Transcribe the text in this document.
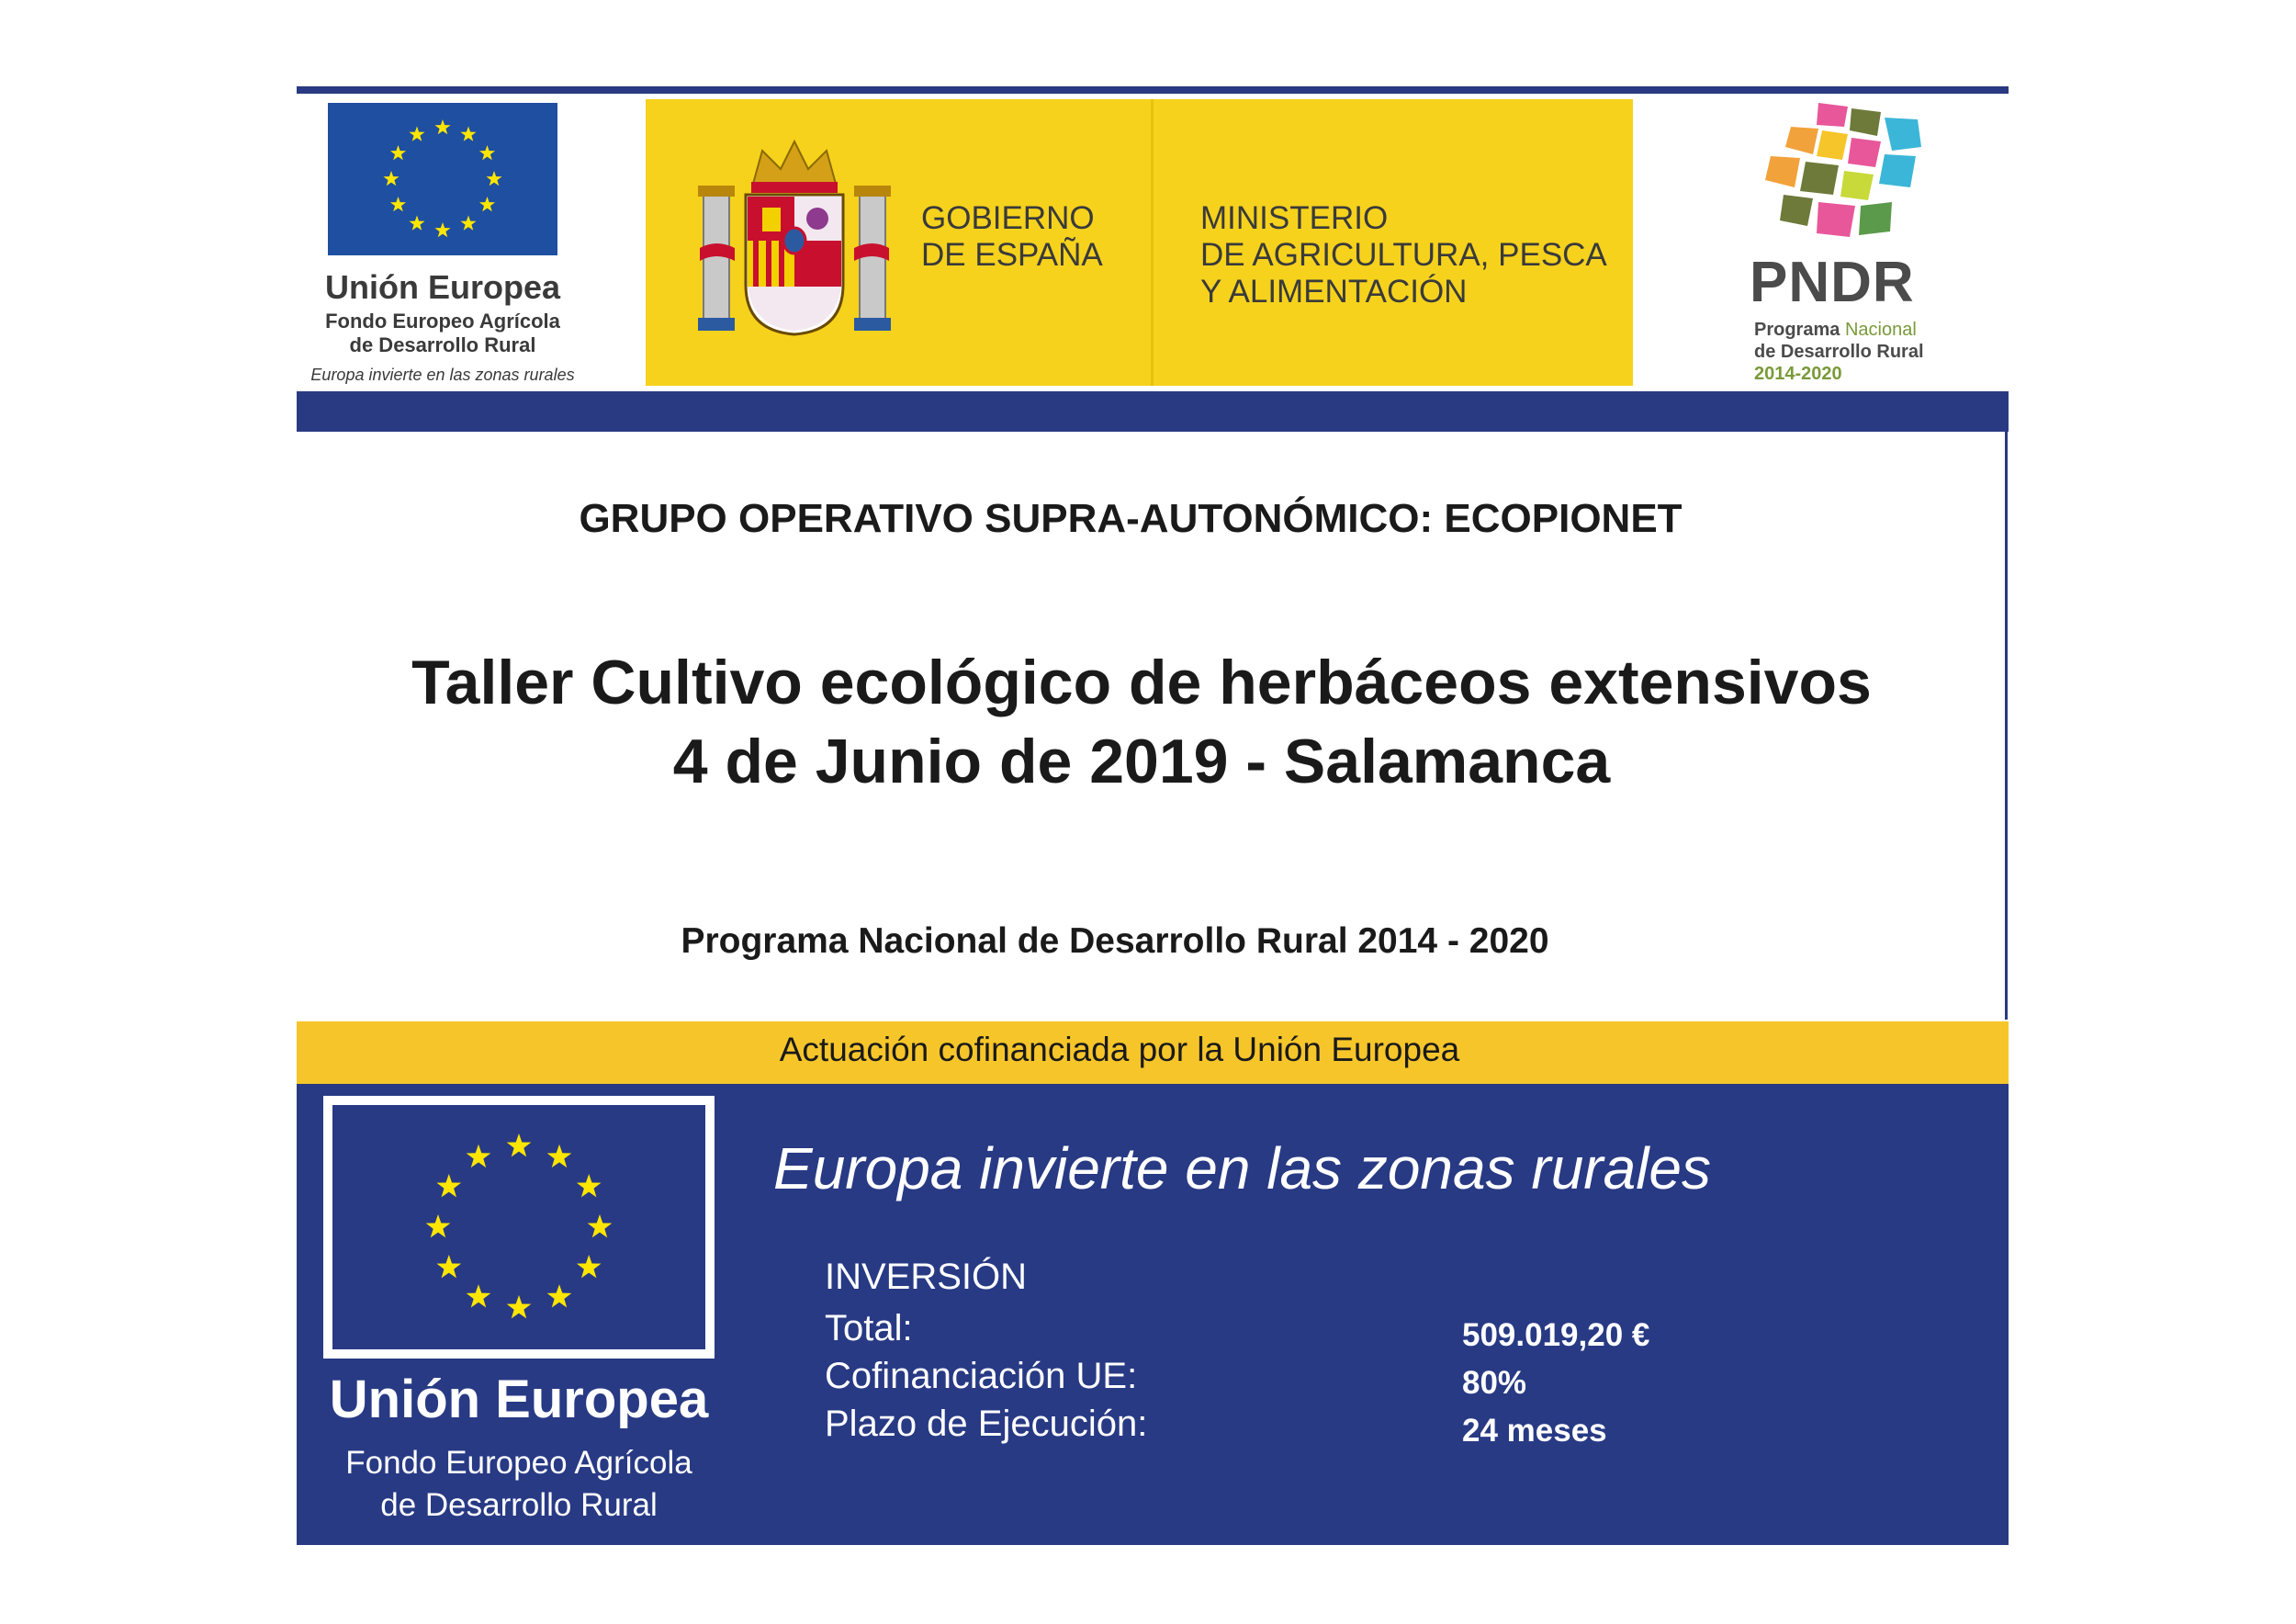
Unión Europea
Fondo Europeo Agrícola
de Desarrollo Rural
Europa invierte en las zonas rurales
GOBIERNO
DE ESPAÑA
MINISTERIO
DE AGRICULTURA, PESCA
Y ALIMENTACIÓN	PNDR
Programa Nacional
de Desarrollo Rural
2014-2020
GRUPO OPERATIVO SUPRA-AUTONÓMICO: ECOPIONET
Taller Cultivo ecológico de herbáceos extensivos
4 de Junio de 2019 - Salamanca
Programa Nacional de Desarrollo Rural 2014 - 2020
Actuación cofinanciada por la Unión Europea
Unión Europea
Fondo Europeo Agrícola
de Desarrollo Rural
Europa invierte en las zonas rurales
INVERSIÓN
Total:	509.019,20 €
Cofinanciación UE:	80%
Plazo de Ejecución:	24 meses
